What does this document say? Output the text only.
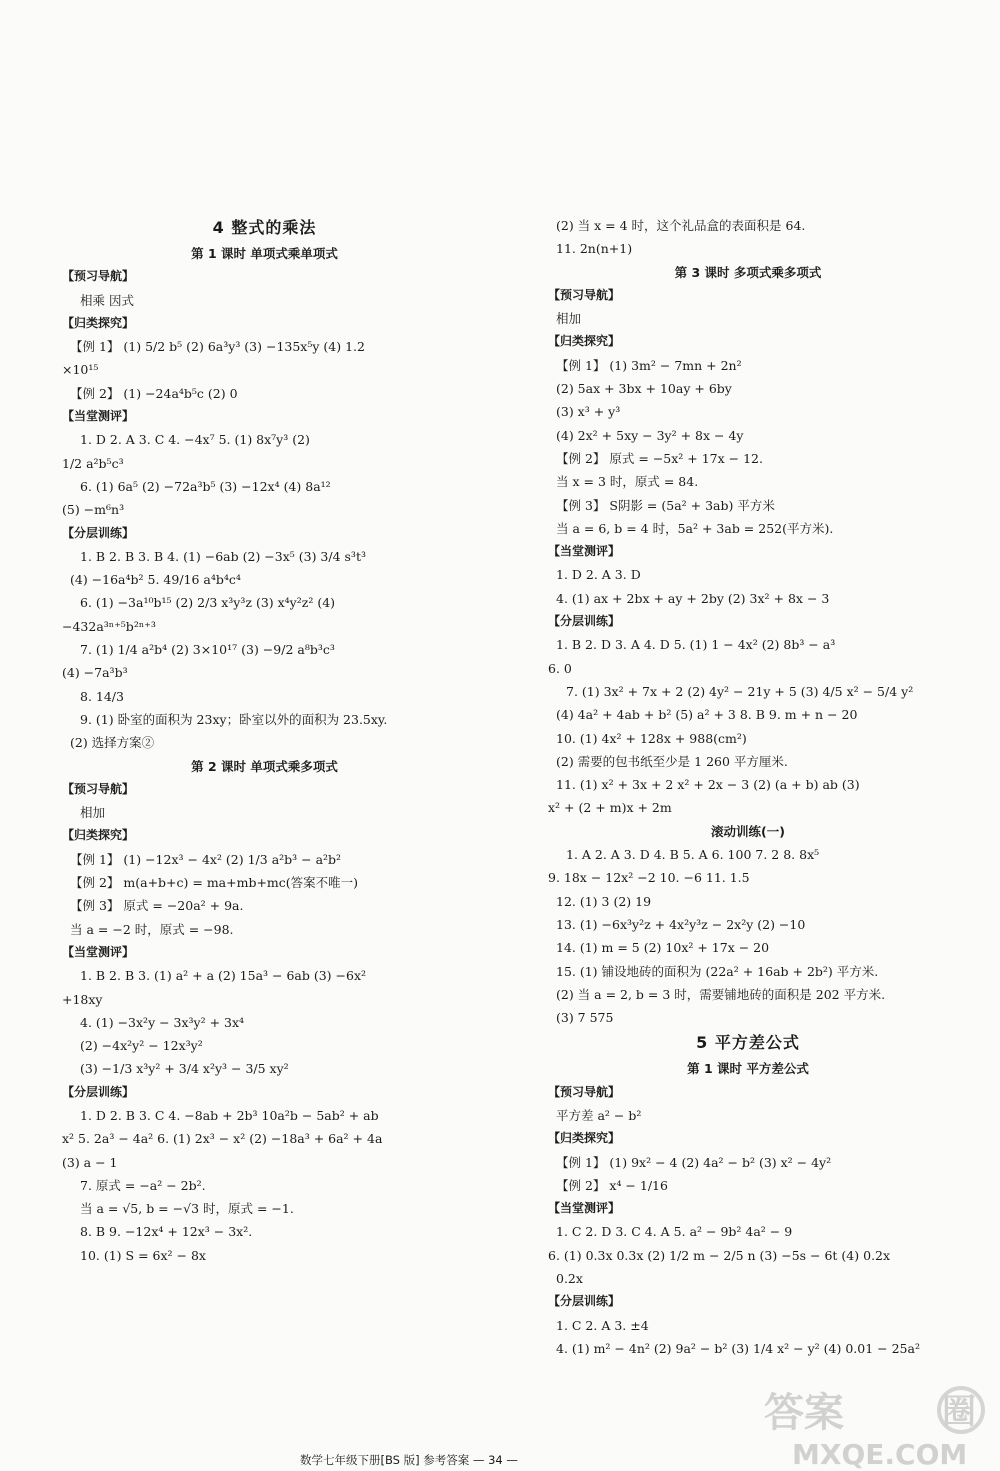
4 整式的乘法
第 1 课时 单项式乘单项式
【预习导航】
相乘 因式
【归类探究】
【例 1】 (1) 5/2 b⁵ (2) 6a³y³ (3) −135x⁵y (4) 1.2
×10¹⁵
【例 2】 (1) −24a⁴b⁵c (2) 0
【当堂测评】
1. D 2. A 3. C 4. −4x⁷ 5. (1) 8x⁷y³ (2)
1/2 a²b⁵c³
6. (1) 6a⁵ (2) −72a³b⁵ (3) −12x⁴ (4) 8a¹²
(5) −m⁶n³
【分层训练】
1. B 2. B 3. B 4. (1) −6ab (2) −3x⁵ (3) 3/4 s³t³
(4) −16a⁴b² 5. 49/16 a⁴b⁴c⁴
6. (1) −3a¹⁰b¹⁵ (2) 2/3 x³y³z (3) x⁴y²z² (4)
−432a³ⁿ⁺⁵b²ⁿ⁺³
7. (1) 1/4 a²b⁴ (2) 3×10¹⁷ (3) −9/2 a⁸b³c³
(4) −7a³b³
8. 14/3
9. (1) 卧室的面积为 23xy；卧室以外的面积为 23.5xy.
(2) 选择方案②
第 2 课时 单项式乘多项式
【预习导航】
相加
【归类探究】
【例 1】 (1) −12x³ − 4x² (2) 1/3 a²b³ − a²b²
【例 2】 m(a+b+c) = ma+mb+mc(答案不唯一)
【例 3】 原式 = −20a² + 9a.
当 a = −2 时，原式 = −98.
【当堂测评】
1. B 2. B 3. (1) a² + a (2) 15a³ − 6ab (3) −6x²
+18xy
4. (1) −3x²y − 3x³y² + 3x⁴
(2) −4x²y² − 12x³y²
(3) −1/3 x³y² + 3/4 x²y³ − 3/5 xy²
【分层训练】
1. D 2. B 3. C 4. −8ab + 2b³ 10a²b − 5ab² + ab
x² 5. 2a³ − 4a² 6. (1) 2x³ − x² (2) −18a³ + 6a² + 4a
(3) a − 1
7. 原式 = −a² − 2b².
当 a = √5, b = −√3 时，原式 = −1.
8. B 9. −12x⁴ + 12x³ − 3x².
10. (1) S = 6x² − 8x
(2) 当 x = 4 时，这个礼品盒的表面积是 64.
11. 2n(n+1)
第 3 课时 多项式乘多项式
【预习导航】
相加
【归类探究】
【例 1】 (1) 3m² − 7mn + 2n²
(2) 5ax + 3bx + 10ay + 6by
(3) x³ + y³
(4) 2x² + 5xy − 3y² + 8x − 4y
【例 2】 原式 = −5x² + 17x − 12.
当 x = 3 时，原式 = 84.
【例 3】 S阴影 = (5a² + 3ab) 平方米
当 a = 6, b = 4 时，5a² + 3ab = 252(平方米).
【当堂测评】
1. D 2. A 3. D
4. (1) ax + 2bx + ay + 2by (2) 3x² + 8x − 3
【分层训练】
1. B 2. D 3. A 4. D 5. (1) 1 − 4x² (2) 8b³ − a³
6. 0
7. (1) 3x² + 7x + 2 (2) 4y² − 21y + 5 (3) 4/5 x² − 5/4 y²
(4) 4a² + 4ab + b² (5) a² + 3 8. B 9. m + n − 20
10. (1) 4x² + 128x + 988(cm²)
(2) 需要的包书纸至少是 1 260 平方厘米.
11. (1) x² + 3x + 2 x² + 2x − 3 (2) (a + b) ab (3)
x² + (2 + m)x + 2m
滚动训练(一)
1. A 2. A 3. D 4. B 5. A 6. 100 7. 2 8. 8x⁵
9. 18x − 12x² −2 10. −6 11. 1.5
12. (1) 3 (2) 19
13. (1) −6x³y²z + 4x²y³z − 2x²y (2) −10
14. (1) m = 5 (2) 10x² + 17x − 20
15. (1) 铺设地砖的面积为 (22a² + 16ab + 2b²) 平方米.
(2) 当 a = 2, b = 3 时，需要铺地砖的面积是 202 平方米.
(3) 7 575
5 平方差公式
第 1 课时 平方差公式
【预习导航】
平方差 a² − b²
【归类探究】
【例 1】 (1) 9x² − 4 (2) 4a² − b² (3) x² − 4y²
【例 2】 x⁴ − 1/16
【当堂测评】
1. C 2. D 3. C 4. A 5. a² − 9b² 4a² − 9
6. (1) 0.3x 0.3x (2) 1/2 m − 2/5 n (3) −5s − 6t (4) 0.2x
0.2x
【分层训练】
1. C 2. A 3. ±4
4. (1) m² − 4n² (2) 9a² − b² (3) 1/4 x² − y² (4) 0.01 − 25a²
数学七年级下册[BS 版] 参考答案 — 34 —
答案	圈
MXQE.COM
